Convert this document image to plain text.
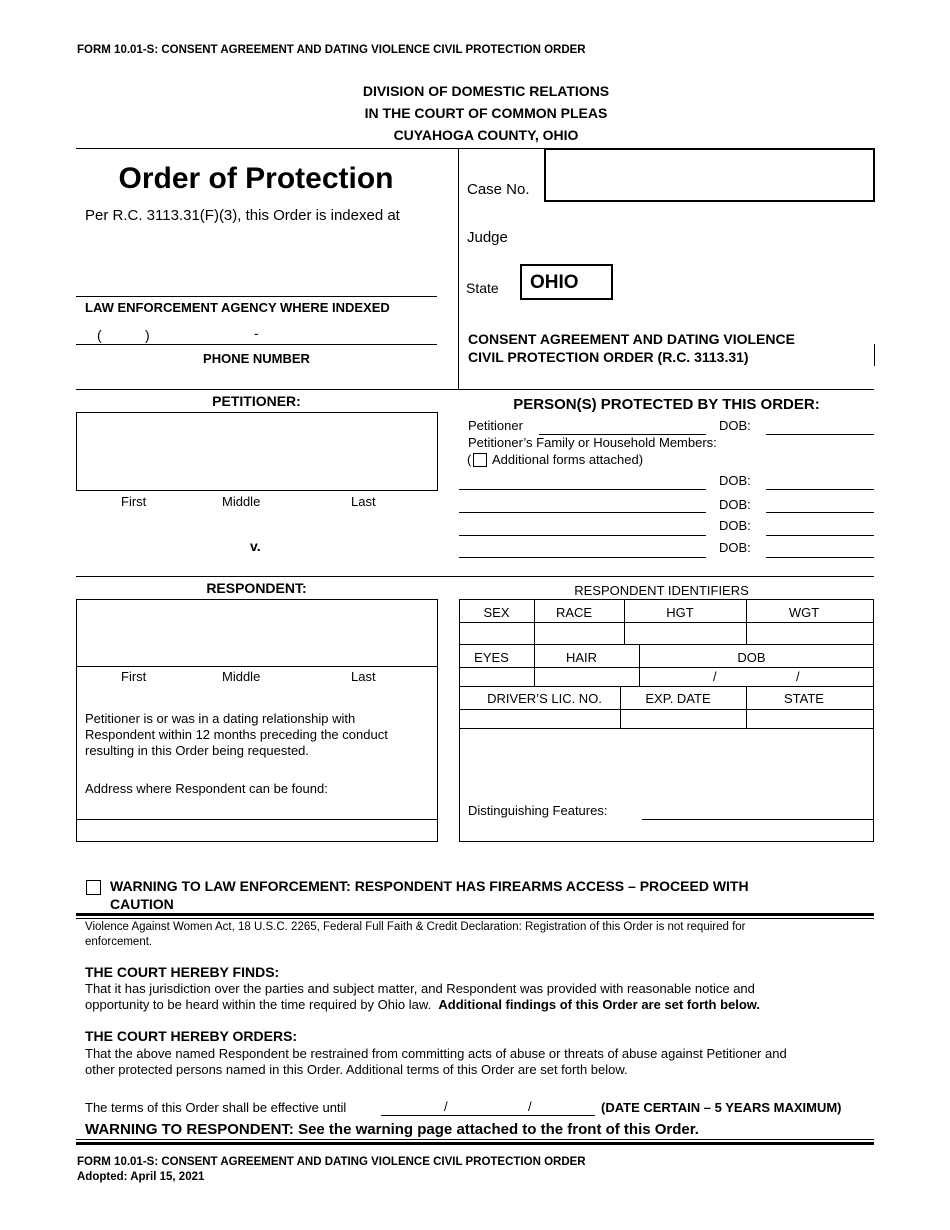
FORM 10.01-S: CONSENT AGREEMENT AND DATING VIOLENCE CIVIL PROTECTION ORDER
DIVISION OF DOMESTIC RELATIONS
IN THE COURT OF COMMON PLEAS
CUYAHOGA COUNTY, OHIO
Order of Protection
Per R.C. 3113.31(F)(3), this Order is indexed at
LAW ENFORCEMENT AGENCY WHERE INDEXED
(	)	-
PHONE NUMBER
Case No.
Judge
State OHIO
CONSENT AGREEMENT AND DATING VIOLENCE
CIVIL PROTECTION ORDER (R.C. 3113.31)
PETITIONER:
First	Middle	Last
v.
PERSON(S) PROTECTED BY THIS ORDER:
Petitioner	DOB:
Petitioner’s Family or Household Members:
( Additional forms attached)
DOB:
DOB:
DOB:
DOB:
RESPONDENT:
First	Middle	Last
Petitioner is or was in a dating relationship with
Respondent within 12 months preceding the conduct
resulting in this Order being requested.
Address where Respondent can be found:
RESPONDENT IDENTIFIERS
SEX	RACE	HGT	WGT
EYES	HAIR	DOB
/	/
DRIVER’S LIC. NO.	EXP. DATE	STATE
Distinguishing Features:
WARNING TO LAW ENFORCEMENT: RESPONDENT HAS FIREARMS ACCESS – PROCEED WITH
CAUTION
Violence Against Women Act, 18 U.S.C. 2265, Federal Full Faith & Credit Declaration: Registration of this Order is not required for
enforcement.
THE COURT HEREBY FINDS:
That it has jurisdiction over the parties and subject matter, and Respondent was provided with reasonable notice and
opportunity to be heard within the time required by Ohio law. Additional findings of this Order are set forth below.
THE COURT HEREBY ORDERS:
That the above named Respondent be restrained from committing acts of abuse or threats of abuse against Petitioner and
other protected persons named in this Order. Additional terms of this Order are set forth below.
The terms of this Order shall be effective until	/	/	(DATE CERTAIN – 5 YEARS MAXIMUM)
WARNING TO RESPONDENT: See the warning page attached to the front of this Order.
FORM 10.01-S: CONSENT AGREEMENT AND DATING VIOLENCE CIVIL PROTECTION ORDER
Adopted: April 15, 2021
